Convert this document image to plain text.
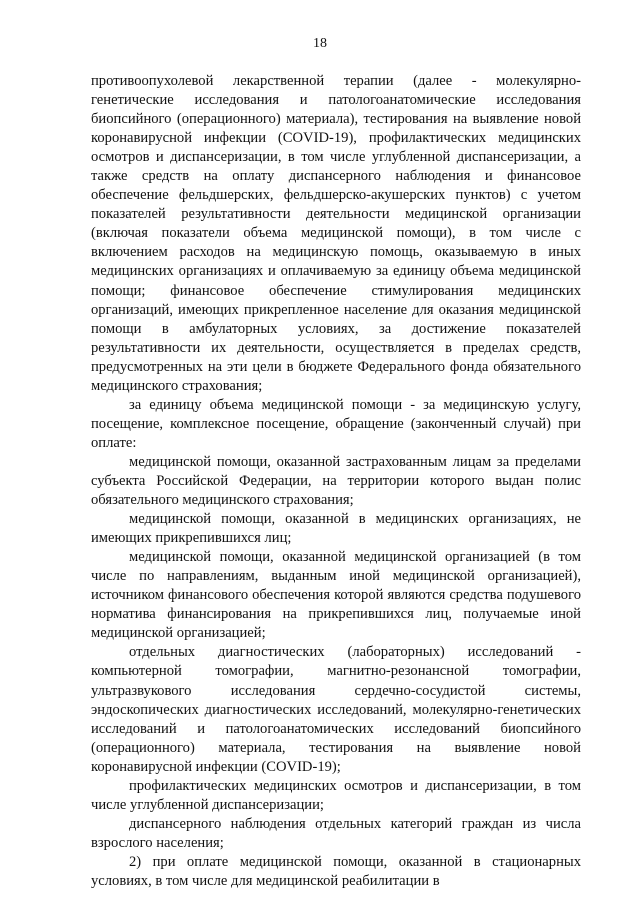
18

противоопухолевой лекарственной терапии (далее - молекулярно-генетические исследования и патологоанатомические исследования биопсийного (операционного) материала), тестирования на выявление новой коронавирусной инфекции (COVID-19), профилактических медицинских осмотров и диспансеризации, в том числе углубленной диспансеризации, а также средств на оплату диспансерного наблюдения и финансовое обеспечение фельдшерских, фельдшерско-акушерских пунктов) с учетом показателей результативности деятельности медицинской организации (включая показатели объема медицинской помощи), в том числе с включением расходов на медицинскую помощь, оказываемую в иных медицинских организациях и оплачиваемую за единицу объема медицинской помощи; финансовое обеспечение стимулирования медицинских организаций, имеющих прикрепленное население для оказания медицинской помощи в амбулаторных условиях, за достижение показателей результативности их деятельности, осуществляется в пределах средств, предусмотренных на эти цели в бюджете Федерального фонда обязательного медицинского страхования;

за единицу объема медицинской помощи - за медицинскую услугу, посещение, комплексное посещение, обращение (законченный случай) при оплате:

медицинской помощи, оказанной застрахованным лицам за пределами субъекта Российской Федерации, на территории которого выдан полис обязательного медицинского страхования;

медицинской помощи, оказанной в медицинских организациях, не имеющих прикрепившихся лиц;

медицинской помощи, оказанной медицинской организацией (в том числе по направлениям, выданным иной медицинской организацией), источником финансового обеспечения которой являются средства подушевого норматива финансирования на прикрепившихся лиц, получаемые иной медицинской организацией;

отдельных диагностических (лабораторных) исследований - компьютерной томографии, магнитно-резонансной томографии, ультразвукового исследования сердечно-сосудистой системы, эндоскопических диагностических исследований, молекулярно-генетических исследований и патологоанатомических исследований биопсийного (операционного) материала, тестирования на выявление новой коронавирусной инфекции (COVID-19);

профилактических медицинских осмотров и диспансеризации, в том числе углубленной диспансеризации;

диспансерного наблюдения отдельных категорий граждан из числа взрослого населения;

2) при оплате медицинской помощи, оказанной в стационарных условиях, в том числе для медицинской реабилитации в
